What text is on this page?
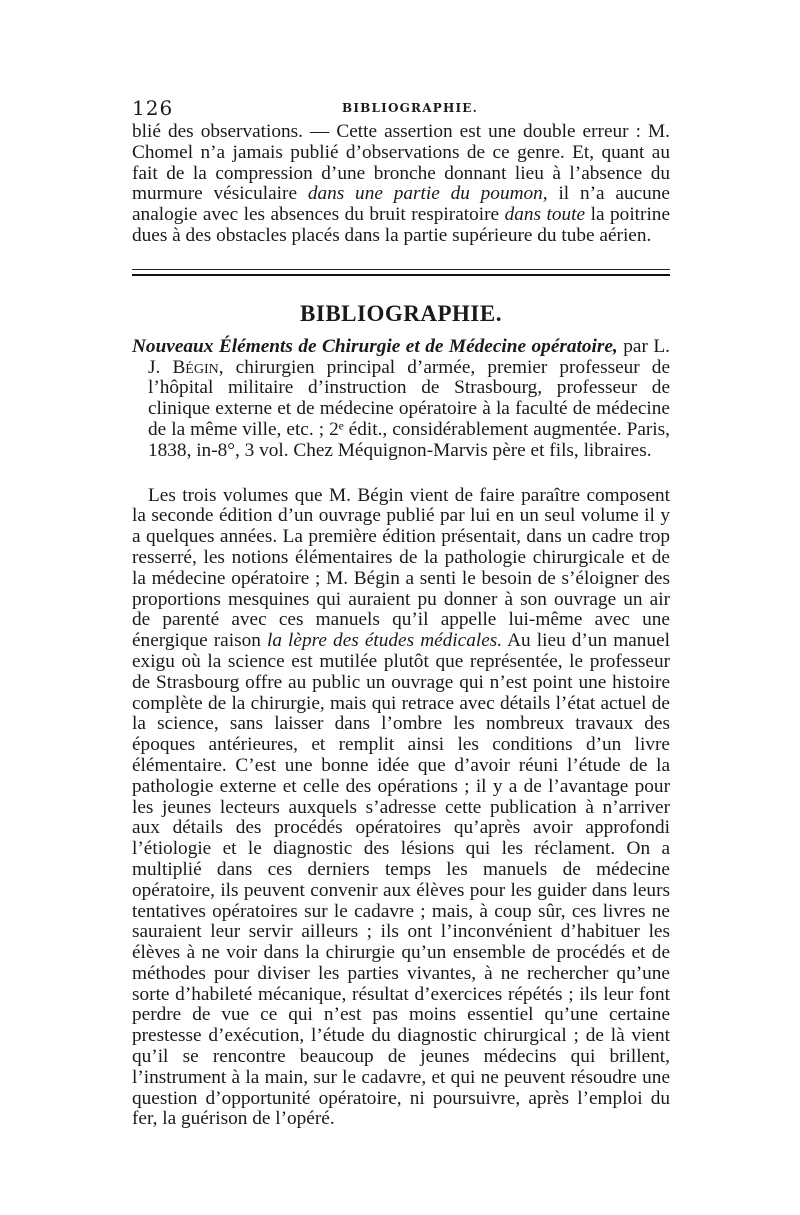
126	BIBLIOGRAPHIE.

blié des observations. — Cette assertion est une double erreur : M. Chomel n’a jamais publié d’observations de ce genre. Et, quant au fait de la compression d’une bronche donnant lieu à l’absence du murmure vésiculaire dans une partie du poumon, il n’a aucune analogie avec les absences du bruit respiratoire dans toute la poitrine dues à des obstacles placés dans la partie supérieure du tube aérien.

BIBLIOGRAPHIE.

Nouveaux Éléments de Chirurgie et de Médecine opératoire, par L. J. Bégin, chirurgien principal d’armée, premier professeur de l’hôpital militaire d’instruction de Strasbourg, professeur de clinique externe et de médecine opératoire à la faculté de médecine de la même ville, etc. ; 2ᵉ édit., considérablement augmentée. Paris, 1838, in-8°, 3 vol. Chez Méquignon-Marvis père et fils, libraires.

Les trois volumes que M. Bégin vient de faire paraître composent la seconde édition d’un ouvrage publié par lui en un seul volume il y a quelques années. La première édition présentait, dans un cadre trop resserré, les notions élémentaires de la pathologie chirurgicale et de la médecine opératoire ; M. Bégin a senti le besoin de s’éloigner des proportions mesquines qui auraient pu donner à son ouvrage un air de parenté avec ces manuels qu’il appelle lui-même avec une énergique raison la lèpre des études médicales. Au lieu d’un manuel exigu où la science est mutilée plutôt que représentée, le professeur de Strasbourg offre au public un ouvrage qui n’est point une histoire complète de la chirurgie, mais qui retrace avec détails l’état actuel de la science, sans laisser dans l’ombre les nombreux travaux des époques antérieures, et remplit ainsi les conditions d’un livre élémentaire. C’est une bonne idée que d’avoir réuni l’étude de la pathologie externe et celle des opérations ; il y a de l’avantage pour les jeunes lecteurs auxquels s’adresse cette publication à n’arriver aux détails des procédés opératoires qu’après avoir approfondi l’étiologie et le diagnostic des lésions qui les réclament. On a multiplié dans ces derniers temps les manuels de médecine opératoire, ils peuvent convenir aux élèves pour les guider dans leurs tentatives opératoires sur le cadavre ; mais, à coup sûr, ces livres ne sauraient leur servir ailleurs ; ils ont l’inconvénient d’habituer les élèves à ne voir dans la chirurgie qu’un ensemble de procédés et de méthodes pour diviser les parties vivantes, à ne rechercher qu’une sorte d’habileté mécanique, résultat d’exercices répétés ; ils leur font perdre de vue ce qui n’est pas moins essentiel qu’une certaine prestesse d’exécution, l’étude du diagnostic chirurgical ; de là vient qu’il se rencontre beaucoup de jeunes médecins qui brillent, l’instrument à la main, sur le cadavre, et qui ne peuvent résoudre une question d’opportunité opératoire, ni poursuivre, après l’emploi du fer, la guérison de l’opéré.
